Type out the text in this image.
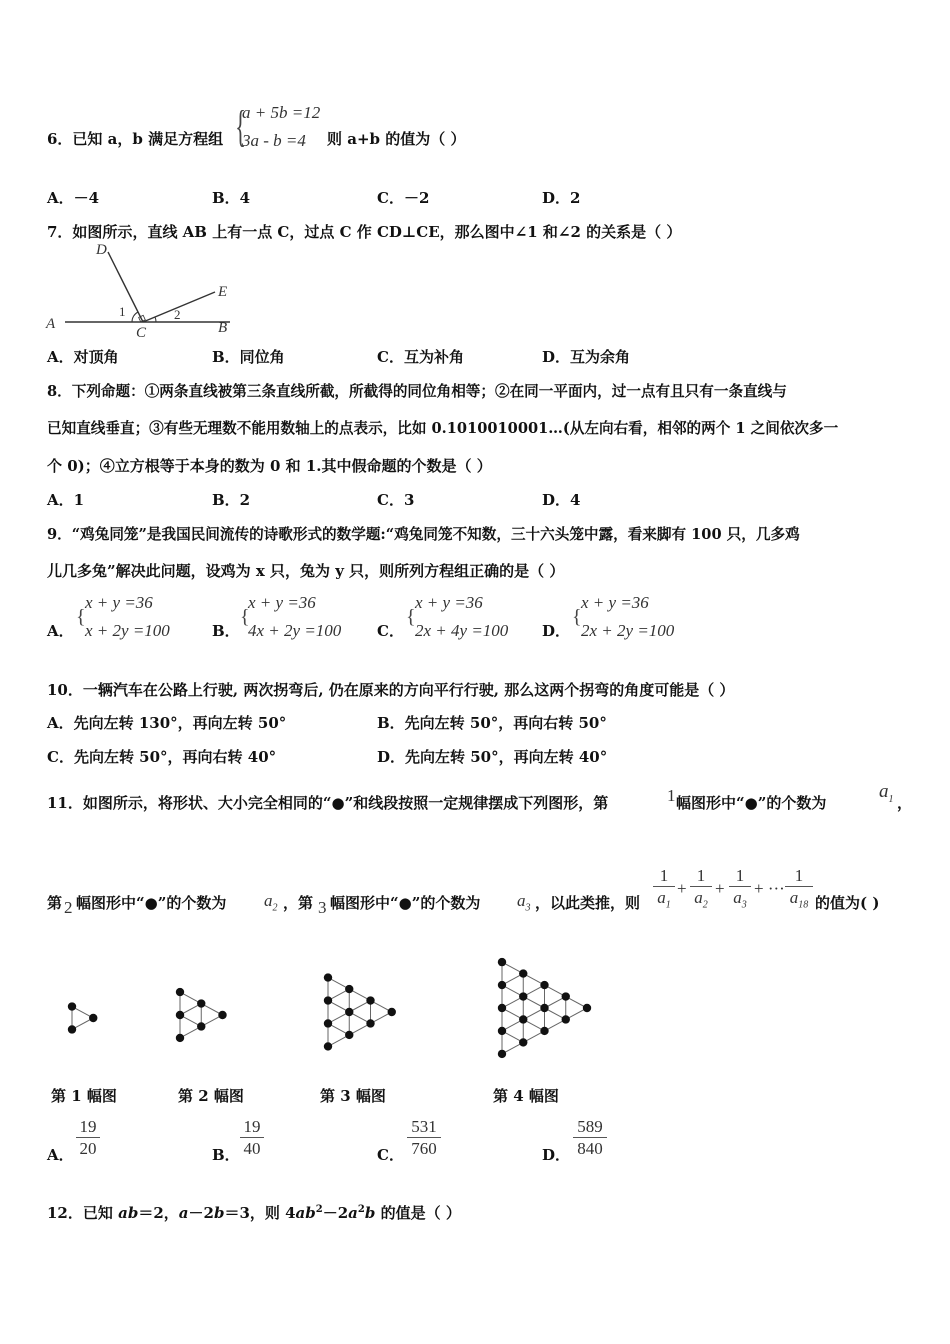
6．已知 a，b 满足方程组 {
a + 5b =12
3a - b =4	则 a+b 的值为（ ）
A．－4	B．4	C．－2	D．2
7．如图所示，直线 AB 上有一点 C，过点 C 作 CD⊥CE，那么图中∠1 和∠2 的关系是（ ）
D
E
A	B
C
1	2
A．对顶角	B．同位角	C．互为补角	D．互为余角
8．下列命题：①两条直线被第三条直线所截，所截得的同位角相等；②在同一平面内，过一点有且只有一条直线与
已知直线垂直；③有些无理数不能用数轴上的点表示，比如 0.1010010001…(从左向右看，相邻的两个 1 之间依次多一
个 0)；④立方根等于本身的数为 0 和 1.其中假命题的个数是（ ）
A．1	B．2	C．3	D．4
9．“鸡兔同笼”是我国民间流传的诗歌形式的数学题:“鸡兔同笼不知数，三十六头笼中露，看来脚有 100 只，几多鸡
儿几多兔”解决此问题，设鸡为 x 只，兔为 y 只，则所列方程组正确的是（ ）
A．
{
x + y =36
x + 2y =100	B．
{
x + y =36
4x + 2y =100 C．
{
x + y =36
2x + 4y =100 D．
{
x + y =36
2x + 2y =100
10．一辆汽车在公路上行驶, 两次拐弯后, 仍在原来的方向平行行驶, 那么这两个拐弯的角度可能是（ ）
A．先向左转 130°，再向左转 50°	B．先向左转 50°，再向右转 50°
C．先向左转 50°，再向右转 40°	D．先向左转 50°，再向左转 40°
11．如图所示，将形状、大小完全相同的“●”和线段按照一定规律摆成下列图形，第	1 幅图形中“●”的个数为
$a_1$ ，
第 2 幅图形中“●”的个数为 $a_2$ ，第 3 幅图形中“●”的个数为 $a_3$ ，以此类推，则 $\frac{1}{a_1} + \frac{1}{a_2} + \frac{1}{a_3}$ + ··· $\frac{1}{a_{18}}$ 的值为( )
第 1 幅图	第 2 幅图	第 3 幅图	第 4 幅图
A． $\frac{19}{20}$	B． $\frac{19}{40}$	C． $\frac{531}{760}$	D． $\frac{589}{840}$
12．已知 ab＝2，a－2b＝3，则 $4ab^2-2a^2b$ 的值是（ ）
